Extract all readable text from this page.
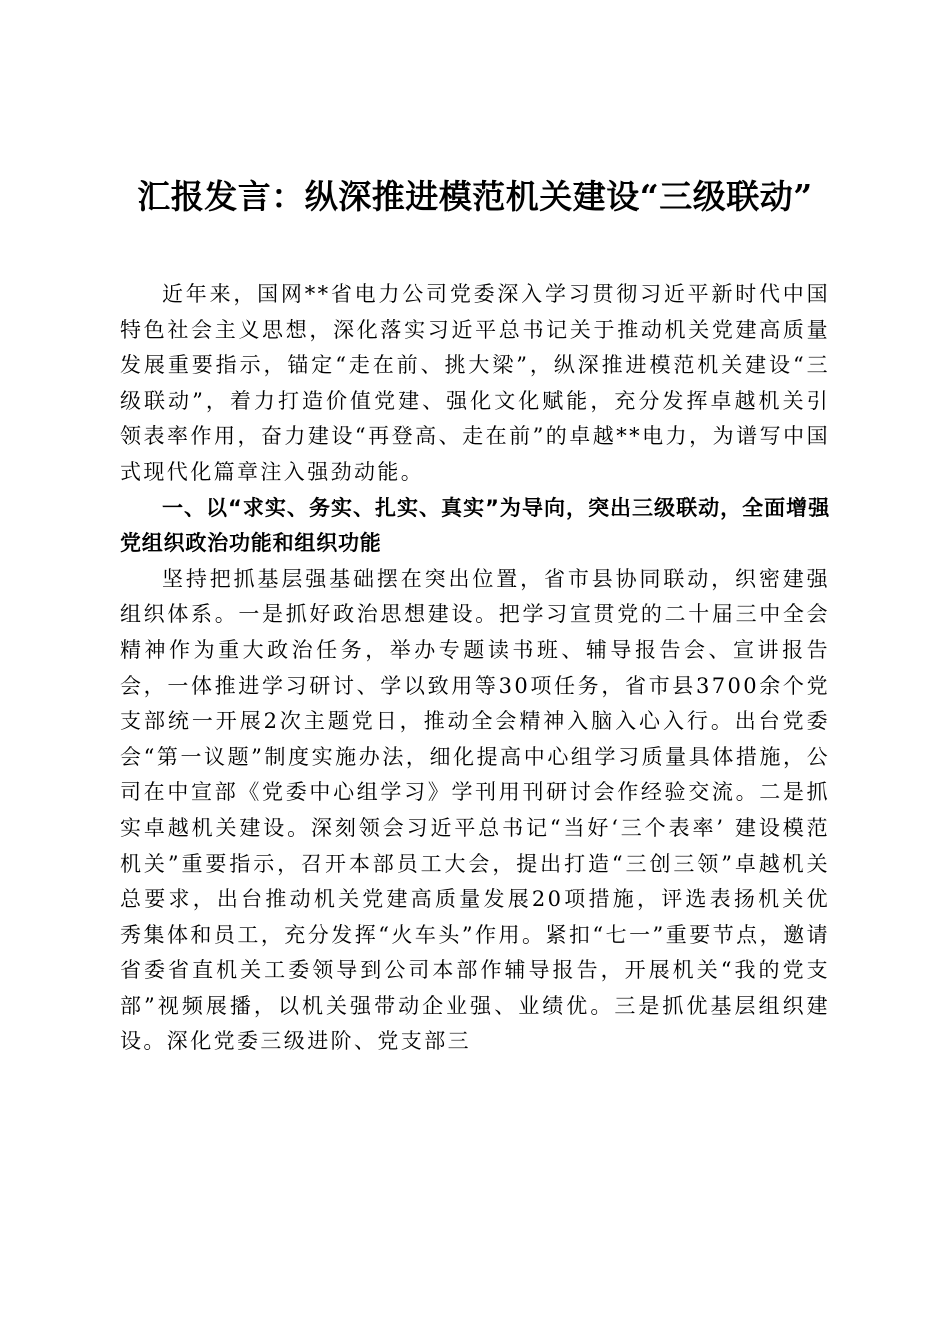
汇报发言：纵深推进模范机关建设“三级联动”

近年来，国网**省电力公司党委深入学习贯彻习近平新时代中国特色社会主义思想，深化落实习近平总书记关于推动机关党建高质量发展重要指示，锚定“走在前、挑大梁”，纵深推进模范机关建设“三级联动”，着力打造价值党建、强化文化赋能，充分发挥卓越机关引领表率作用，奋力建设“再登高、走在前”的卓越**电力，为谱写中国式现代化篇章注入强劲动能。

一、以“求实、务实、扎实、真实”为导向，突出三级联动，全面增强党组织政治功能和组织功能

坚持把抓基层强基础摆在突出位置，省市县协同联动，织密建强组织体系。一是抓好政治思想建设。把学习宣贯党的二十届三中全会精神作为重大政治任务，举办专题读书班、辅导报告会、宣讲报告会，一体推进学习研讨、学以致用等30项任务，省市县3700余个党支部统一开展2次主题党日，推动全会精神入脑入心入行。出台党委会“第一议题”制度实施办法，细化提高中心组学习质量具体措施，公司在中宣部《党委中心组学习》学刊用刊研讨会作经验交流。二是抓实卓越机关建设。深刻领会习近平总书记“当好‘三个表率’ 建设模范机关”重要指示，召开本部员工大会，提出打造“三创三领”卓越机关总要求，出台推动机关党建高质量发展20项措施，评选表扬机关优秀集体和员工，充分发挥“火车头”作用。紧扣“七一”重要节点，邀请省委省直机关工委领导到公司本部作辅导报告，开展机关“我的党支部”视频展播，以机关强带动企业强、业绩优。三是抓优基层组织建设。深化党委三级进阶、党支部三
